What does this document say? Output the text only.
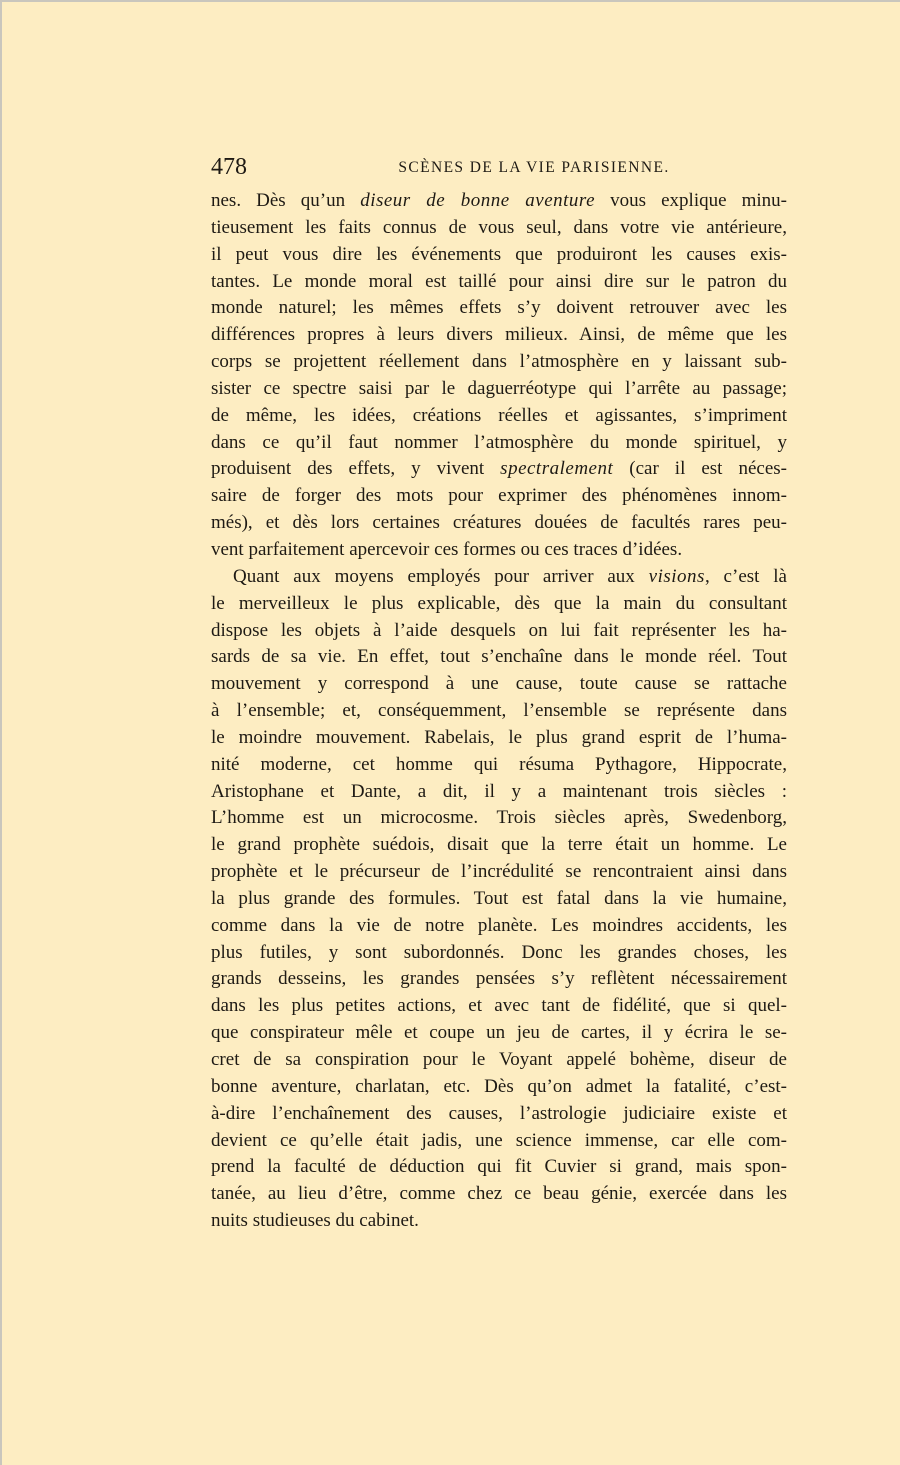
478	SCÈNES DE LA VIE PARISIENNE.
nes. Dès qu’un diseur de bonne aventure vous explique minu-
tieusement les faits connus de vous seul, dans votre vie antérieure,
il peut vous dire les événements que produiront les causes exis-
tantes. Le monde moral est taillé pour ainsi dire sur le patron du
monde naturel; les mêmes effets s’y doivent retrouver avec les
différences propres à leurs divers milieux. Ainsi, de même que les
corps se projettent réellement dans l’atmosphère en y laissant sub-
sister ce spectre saisi par le daguerréotype qui l’arrête au passage;
de même, les idées, créations réelles et agissantes, s’impriment
dans ce qu’il faut nommer l’atmosphère du monde spirituel, y
produisent des effets, y vivent spectralement (car il est néces-
saire de forger des mots pour exprimer des phénomènes innom-
més), et dès lors certaines créatures douées de facultés rares peu-
vent parfaitement apercevoir ces formes ou ces traces d’idées.
Quant aux moyens employés pour arriver aux visions, c’est là
le merveilleux le plus explicable, dès que la main du consultant
dispose les objets à l’aide desquels on lui fait représenter les ha-
sards de sa vie. En effet, tout s’enchaîne dans le monde réel. Tout
mouvement y correspond à une cause, toute cause se rattache
à l’ensemble; et, conséquemment, l’ensemble se représente dans
le moindre mouvement. Rabelais, le plus grand esprit de l’huma-
nité moderne, cet homme qui résuma Pythagore, Hippocrate,
Aristophane et Dante, a dit, il y a maintenant trois siècles :
L’homme est un microcosme. Trois siècles après, Swedenborg,
le grand prophète suédois, disait que la terre était un homme. Le
prophète et le précurseur de l’incrédulité se rencontraient ainsi dans
la plus grande des formules. Tout est fatal dans la vie humaine,
comme dans la vie de notre planète. Les moindres accidents, les
plus futiles, y sont subordonnés. Donc les grandes choses, les
grands desseins, les grandes pensées s’y reflètent nécessairement
dans les plus petites actions, et avec tant de fidélité, que si quel-
que conspirateur mêle et coupe un jeu de cartes, il y écrira le se-
cret de sa conspiration pour le Voyant appelé bohème, diseur de
bonne aventure, charlatan, etc. Dès qu’on admet la fatalité, c’est-
à-dire l’enchaînement des causes, l’astrologie judiciaire existe et
devient ce qu’elle était jadis, une science immense, car elle com-
prend la faculté de déduction qui fit Cuvier si grand, mais spon-
tanée, au lieu d’être, comme chez ce beau génie, exercée dans les
nuits studieuses du cabinet.
